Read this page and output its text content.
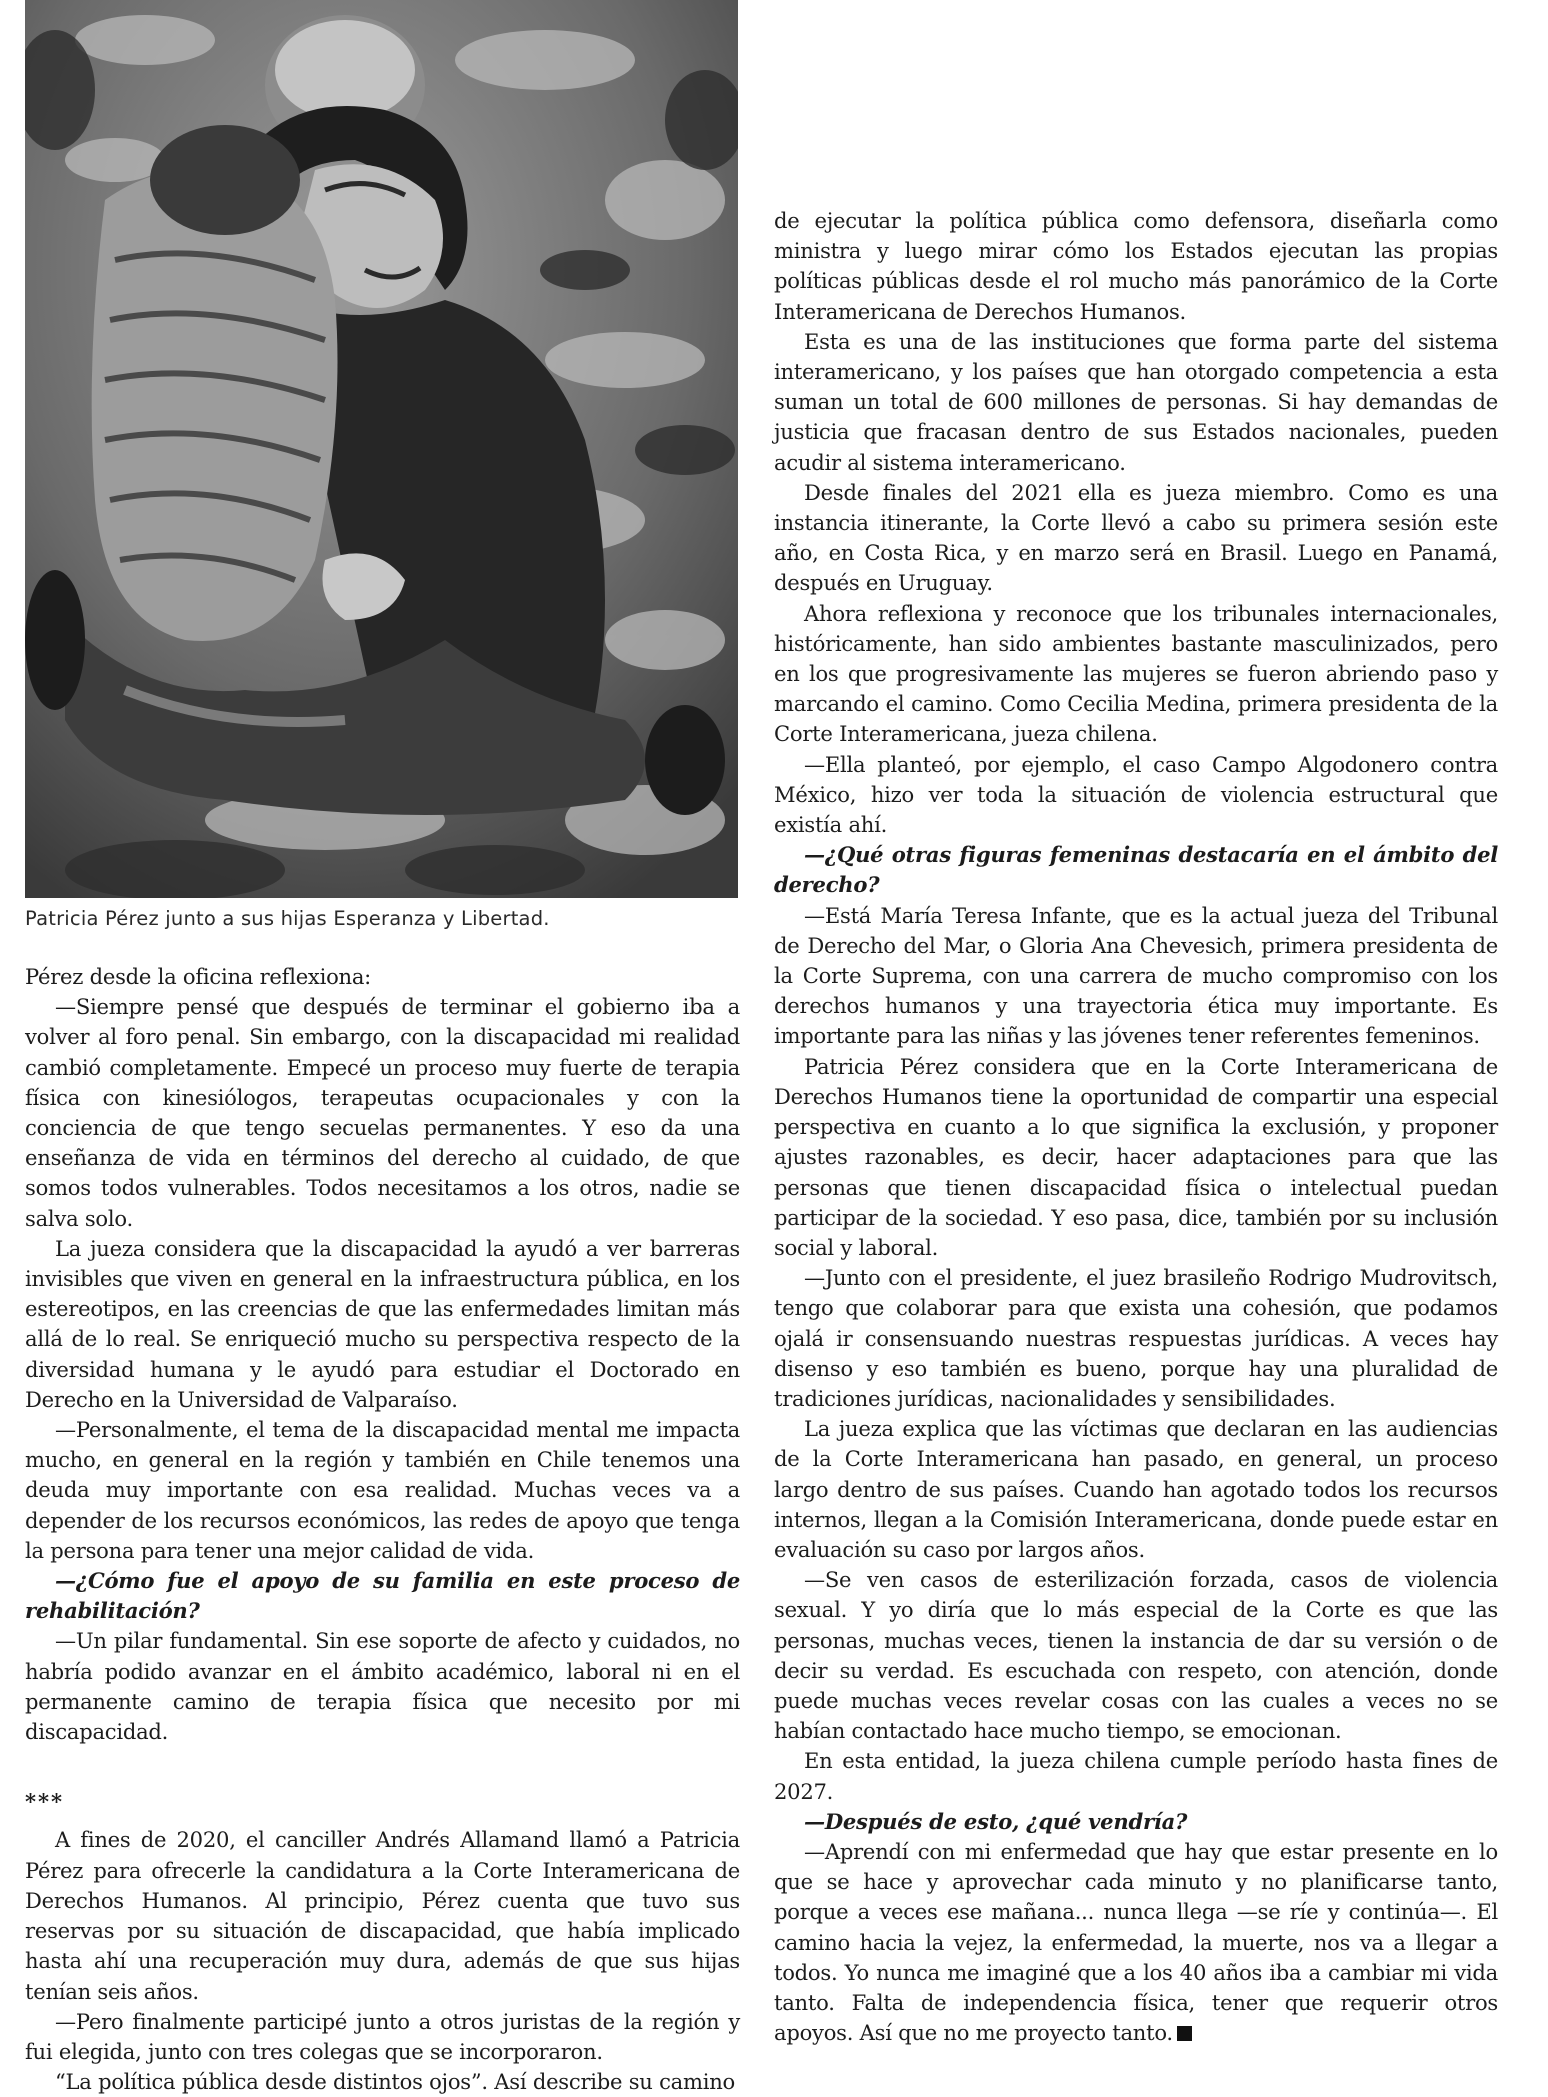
Patricia Pérez junto a sus hijas Esperanza y Libertad.

Pérez desde la oficina reflexiona:

—Siempre pensé que después de terminar el gobierno iba a volver al foro penal. Sin embargo, con la discapacidad mi realidad cambió completamente. Empecé un proceso muy fuerte de terapia física con kinesiólogos, terapeutas ocupacionales y con la conciencia de que tengo secuelas permanentes. Y eso da una enseñanza de vida en términos del derecho al cuidado, de que somos todos vulnerables. Todos necesitamos a los otros, nadie se salva solo.

La jueza considera que la discapacidad la ayudó a ver barreras invisibles que viven en general en la infraestructura pública, en los estereotipos, en las creencias de que las enfermedades limitan más allá de lo real. Se enriqueció mucho su perspectiva respecto de la diversidad humana y le ayudó para estudiar el Doctorado en Derecho en la Universidad de Valparaíso.

—Personalmente, el tema de la discapacidad mental me impacta mucho, en general en la región y también en Chile tenemos una deuda muy importante con esa realidad. Muchas veces va a depender de los recursos económicos, las redes de apoyo que tenga la persona para tener una mejor calidad de vida.

—¿Cómo fue el apoyo de su familia en este proceso de rehabilitación?

—Un pilar fundamental. Sin ese soporte de afecto y cuidados, no habría podido avanzar en el ámbito académico, laboral ni en el permanente camino de terapia física que necesito por mi discapacidad.

***

A fines de 2020, el canciller Andrés Allamand llamó a Patricia Pérez para ofrecerle la candidatura a la Corte Interamericana de Derechos Humanos. Al principio, Pérez cuenta que tuvo sus reservas por su situación de discapacidad, que había implicado hasta ahí una recuperación muy dura, además de que sus hijas tenían seis años.

—Pero finalmente participé junto a otros juristas de la región y fui elegida, junto con tres colegas que se incorporaron.

“La política pública desde distintos ojos”. Así describe su camino

de ejecutar la política pública como defensora, diseñarla como ministra y luego mirar cómo los Estados ejecutan las propias políticas públicas desde el rol mucho más panorámico de la Corte Interamericana de Derechos Humanos.

Esta es una de las instituciones que forma parte del sistema interamericano, y los países que han otorgado competencia a esta suman un total de 600 millones de personas. Si hay demandas de justicia que fracasan dentro de sus Estados nacionales, pueden acudir al sistema interamericano.

Desde finales del 2021 ella es jueza miembro. Como es una instancia itinerante, la Corte llevó a cabo su primera sesión este año, en Costa Rica, y en marzo será en Brasil. Luego en Panamá, después en Uruguay.

Ahora reflexiona y reconoce que los tribunales internacionales, históricamente, han sido ambientes bastante masculinizados, pero en los que progresivamente las mujeres se fueron abriendo paso y marcando el camino. Como Cecilia Medina, primera presidenta de la Corte Interamericana, jueza chilena.

—Ella planteó, por ejemplo, el caso Campo Algodonero contra México, hizo ver toda la situación de violencia estructural que existía ahí.

—¿Qué otras figuras femeninas destacaría en el ámbito del derecho?

—Está María Teresa Infante, que es la actual jueza del Tribunal de Derecho del Mar, o Gloria Ana Chevesich, primera presidenta de la Corte Suprema, con una carrera de mucho compromiso con los derechos humanos y una trayectoria ética muy importante. Es importante para las niñas y las jóvenes tener referentes femeninos.

Patricia Pérez considera que en la Corte Interamericana de Derechos Humanos tiene la oportunidad de compartir una especial perspectiva en cuanto a lo que significa la exclusión, y proponer ajustes razonables, es decir, hacer adaptaciones para que las personas que tienen discapacidad física o intelectual puedan participar de la sociedad. Y eso pasa, dice, también por su inclusión social y laboral.

—Junto con el presidente, el juez brasileño Rodrigo Mudrovitsch, tengo que colaborar para que exista una cohesión, que podamos ojalá ir consensuando nuestras respuestas jurídicas. A veces hay disenso y eso también es bueno, porque hay una pluralidad de tradiciones jurídicas, nacionalidades y sensibilidades.

La jueza explica que las víctimas que declaran en las audiencias de la Corte Interamericana han pasado, en general, un proceso largo dentro de sus países. Cuando han agotado todos los recursos internos, llegan a la Comisión Interamericana, donde puede estar en evaluación su caso por largos años.

—Se ven casos de esterilización forzada, casos de violencia sexual. Y yo diría que lo más especial de la Corte es que las personas, muchas veces, tienen la instancia de dar su versión o de decir su verdad. Es escuchada con respeto, con atención, donde puede muchas veces revelar cosas con las cuales a veces no se habían contactado hace mucho tiempo, se emocionan.

En esta entidad, la jueza chilena cumple período hasta fines de 2027.

—Después de esto, ¿qué vendría?

—Aprendí con mi enfermedad que hay que estar presente en lo que se hace y aprovechar cada minuto y no planificarse tanto, porque a veces ese mañana... nunca llega —se ríe y continúa—. El camino hacia la vejez, la enfermedad, la muerte, nos va a llegar a todos. Yo nunca me imaginé que a los 40 años iba a cambiar mi vida tanto. Falta de independencia física, tener que requerir otros apoyos. Así que no me proyecto tanto.
